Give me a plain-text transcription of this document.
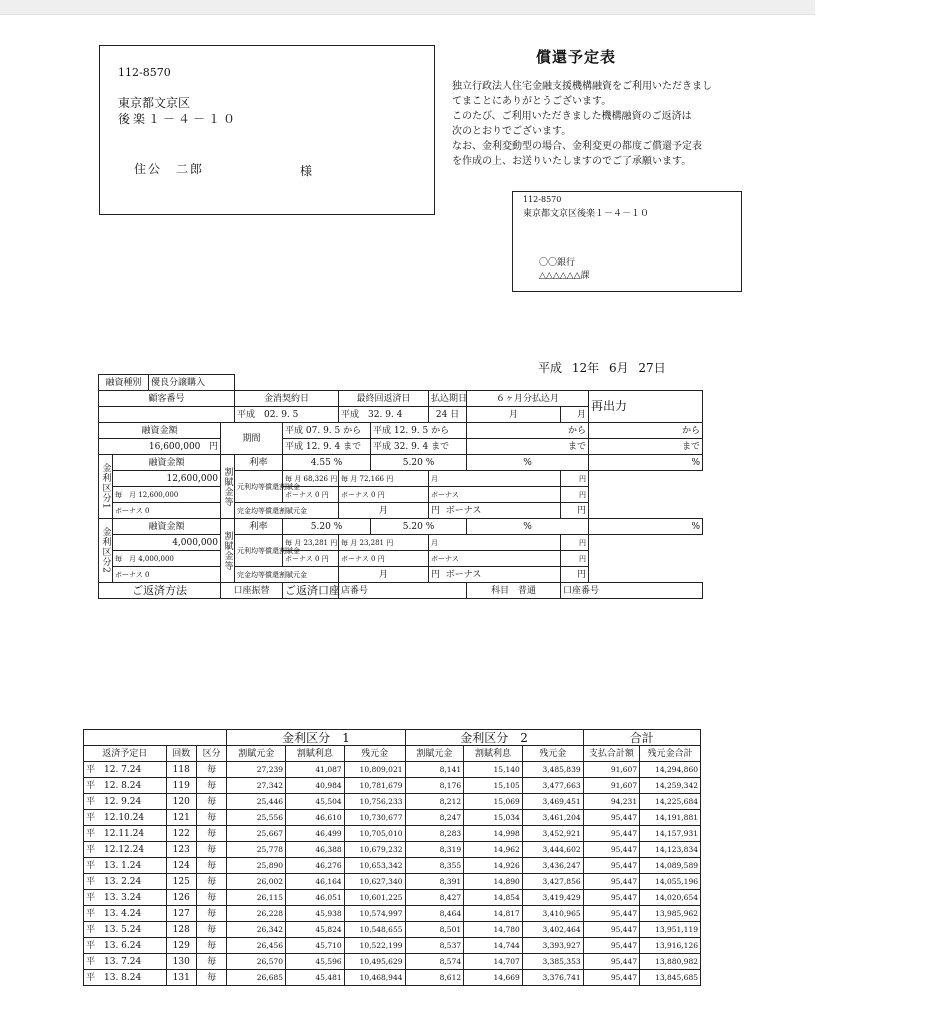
112-8570
東京都文京区
後楽１－４－１０
住公　二郎	様
償還予定表
独立行政法人住宅金融支援機構融資をご利用いただきまし
てまことにありがとうございます。
このたび、ご利用いただきました機構融資のご返済は
次のとおりでございます。
なお、金利変動型の場合、金利変更の都度ご償還予定表
を作成の上、お送りいたしますのでご了承願います。
112-8570
東京都文京区後楽１－４－１０
〇〇銀行
△△△△△△課
平成 12年 6月 27日
融資種別		優良分譲購入									
顧客番号				金消契約日		最終回返済日		払込期日	６ヶ月分払込月		再出力
				平成　02. 9. 5		平成　32. 9. 4		24 日	月	月	
融資金額			期間		平成 07. 9. 5 から		平成 12. 9. 5 から		から		から
16,600,000 円					平成 12. 9. 4 まで		平成 32. 9. 4 まで		まで		まで
金利区分1	融資金額		割賦金等	利率	4.55 %		5.20 %		%		%
	12,600,000			元利均等償還割賦金	毎 月 68,326 円	毎 月 72,166 円		月		円	
	毎　月 12,600,000				ボーナス 0 円	ボーナス 0 円		ボーナス		円	
	ボーナス 0			完金均等償還割賦元金		月		円 ボーナス		円	
金利区分2	融資金額		割賦金等	利率	5.20 %		5.20 %		%		%
	4,000,000			元利均等償還割賦金	毎 月 23,281 円	毎 月 23,281 円		月		円	
	毎　月 4,000,000				ボーナス 0 円	ボーナス 0 円		ボーナス		円	
	ボーナス 0			完金均等償還割賦元金		月		円 ボーナス		円	
ご返済方法			口座振替		ご返済口座	店番号			科目　 普通	口座番号	
			金利区分　1			金利区分　2			合計	
返済予定日	回数	区分	割賦元金	割賦利息	残元金	割賦元金	割賦利息	残元金	支払合計額	残元金合計
平　12. 7.24	118	毎	27,239	41,087	10,809,021	8,141	15,140	3,485,839	91,607	14,294,860
平　12. 8.24	119	毎	27,342	40,984	10,781,679	8,176	15,105	3,477,663	91,607	14,259,342
平　12. 9.24	120	毎	25,446	45,504	10,756,233	8,212	15,069	3,469,451	94,231	14,225,684
平　12.10.24	121	毎	25,556	46,610	10,730,677	8,247	15,034	3,461,204	95,447	14,191,881
平　12.11.24	122	毎	25,667	46,499	10,705,010	8,283	14,998	3,452,921	95,447	14,157,931
平　12.12.24	123	毎	25,778	46,388	10,679,232	8,319	14,962	3,444,602	95,447	14,123,834
平　13. 1.24	124	毎	25,890	46,276	10,653,342	8,355	14,926	3,436,247	95,447	14,089,589
平　13. 2.24	125	毎	26,002	46,164	10,627,340	8,391	14,890	3,427,856	95,447	14,055,196
平　13. 3.24	126	毎	26,115	46,051	10,601,225	8,427	14,854	3,419,429	95,447	14,020,654
平　13. 4.24	127	毎	26,228	45,938	10,574,997	8,464	14,817	3,410,965	95,447	13,985,962
平　13. 5.24	128	毎	26,342	45,824	10,548,655	8,501	14,780	3,402,464	95,447	13,951,119
平　13. 6.24	129	毎	26,456	45,710	10,522,199	8,537	14,744	3,393,927	95,447	13,916,126
平　13. 7.24	130	毎	26,570	45,596	10,495,629	8,574	14,707	3,385,353	95,447	13,880,982
平　13. 8.24	131	毎	26,685	45,481	10,468,944	8,612	14,669	3,376,741	95,447	13,845,685
